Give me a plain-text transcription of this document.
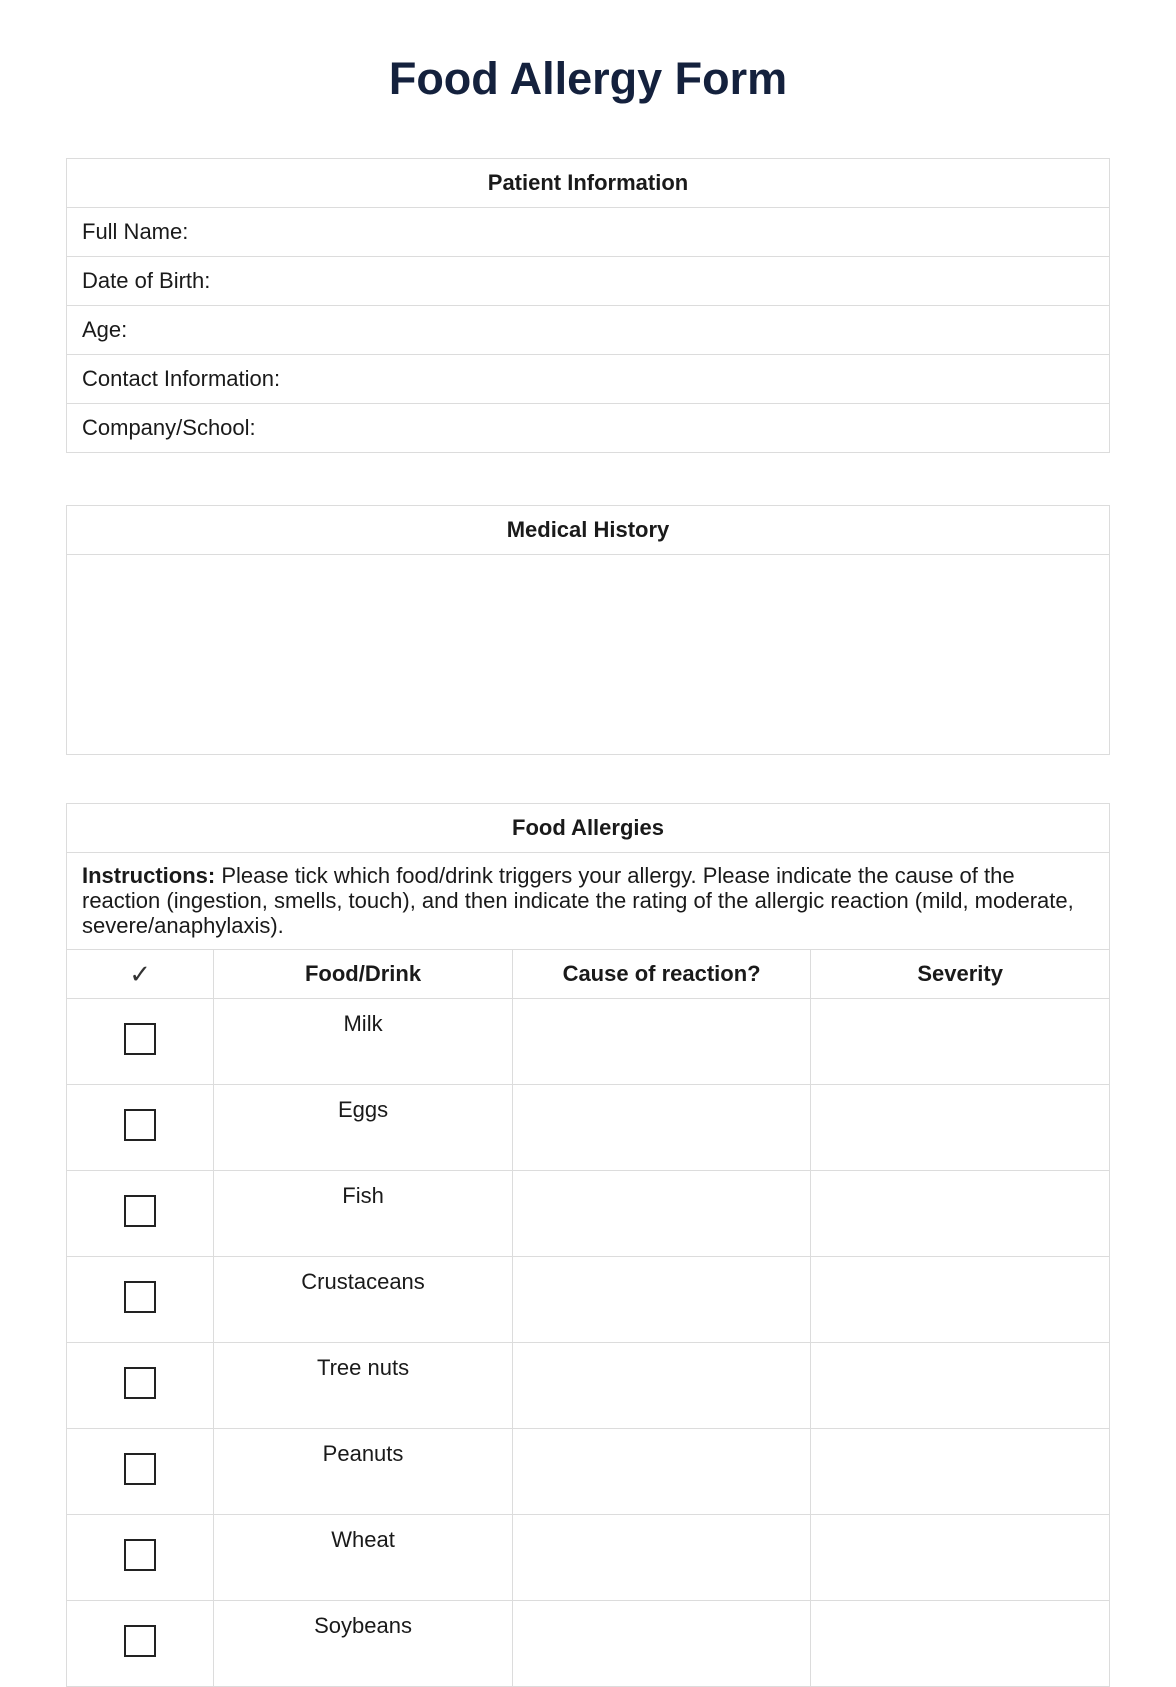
Food Allergy Form
Patient Information
Full Name:
Date of Birth:
Age:
Contact Information:
Company/School:
Medical History

Food Allergies			
Instructions: Please tick which food/drink triggers your allergy. Please indicate the cause of the reaction (ingestion, smells, touch), and then indicate the rating of the allergic reaction (mild, moderate, severe/anaphylaxis).			
✓	Food/Drink	Cause of reaction?	Severity
	Milk		
	Eggs		
	Fish		
	Crustaceans		
	Tree nuts		
	Peanuts		
	Wheat		
	Soybeans		
